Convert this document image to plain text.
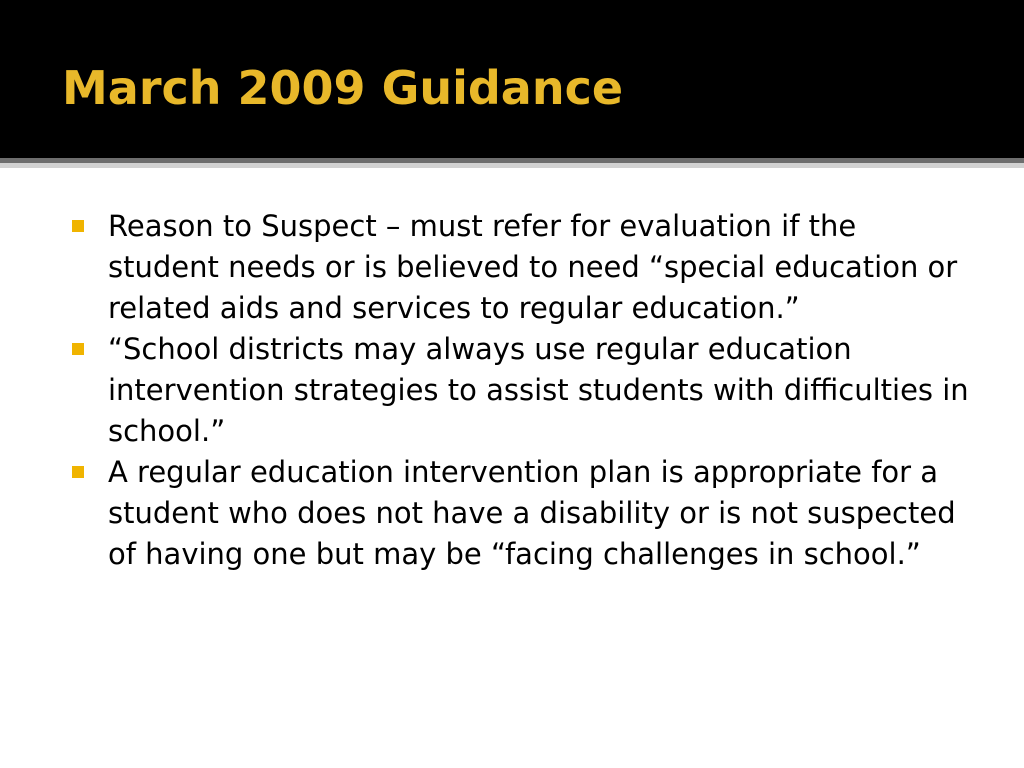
March 2009 Guidance
Reason to Suspect – must refer for evaluation if the student needs or is believed to need “special education or related aids and services to regular education.”
“School districts may always use regular education intervention strategies to assist students with difficulties in school.”
A regular education intervention plan is appropriate for a student who does not have a disability or is not suspected of having one but may be “facing challenges in school.”
